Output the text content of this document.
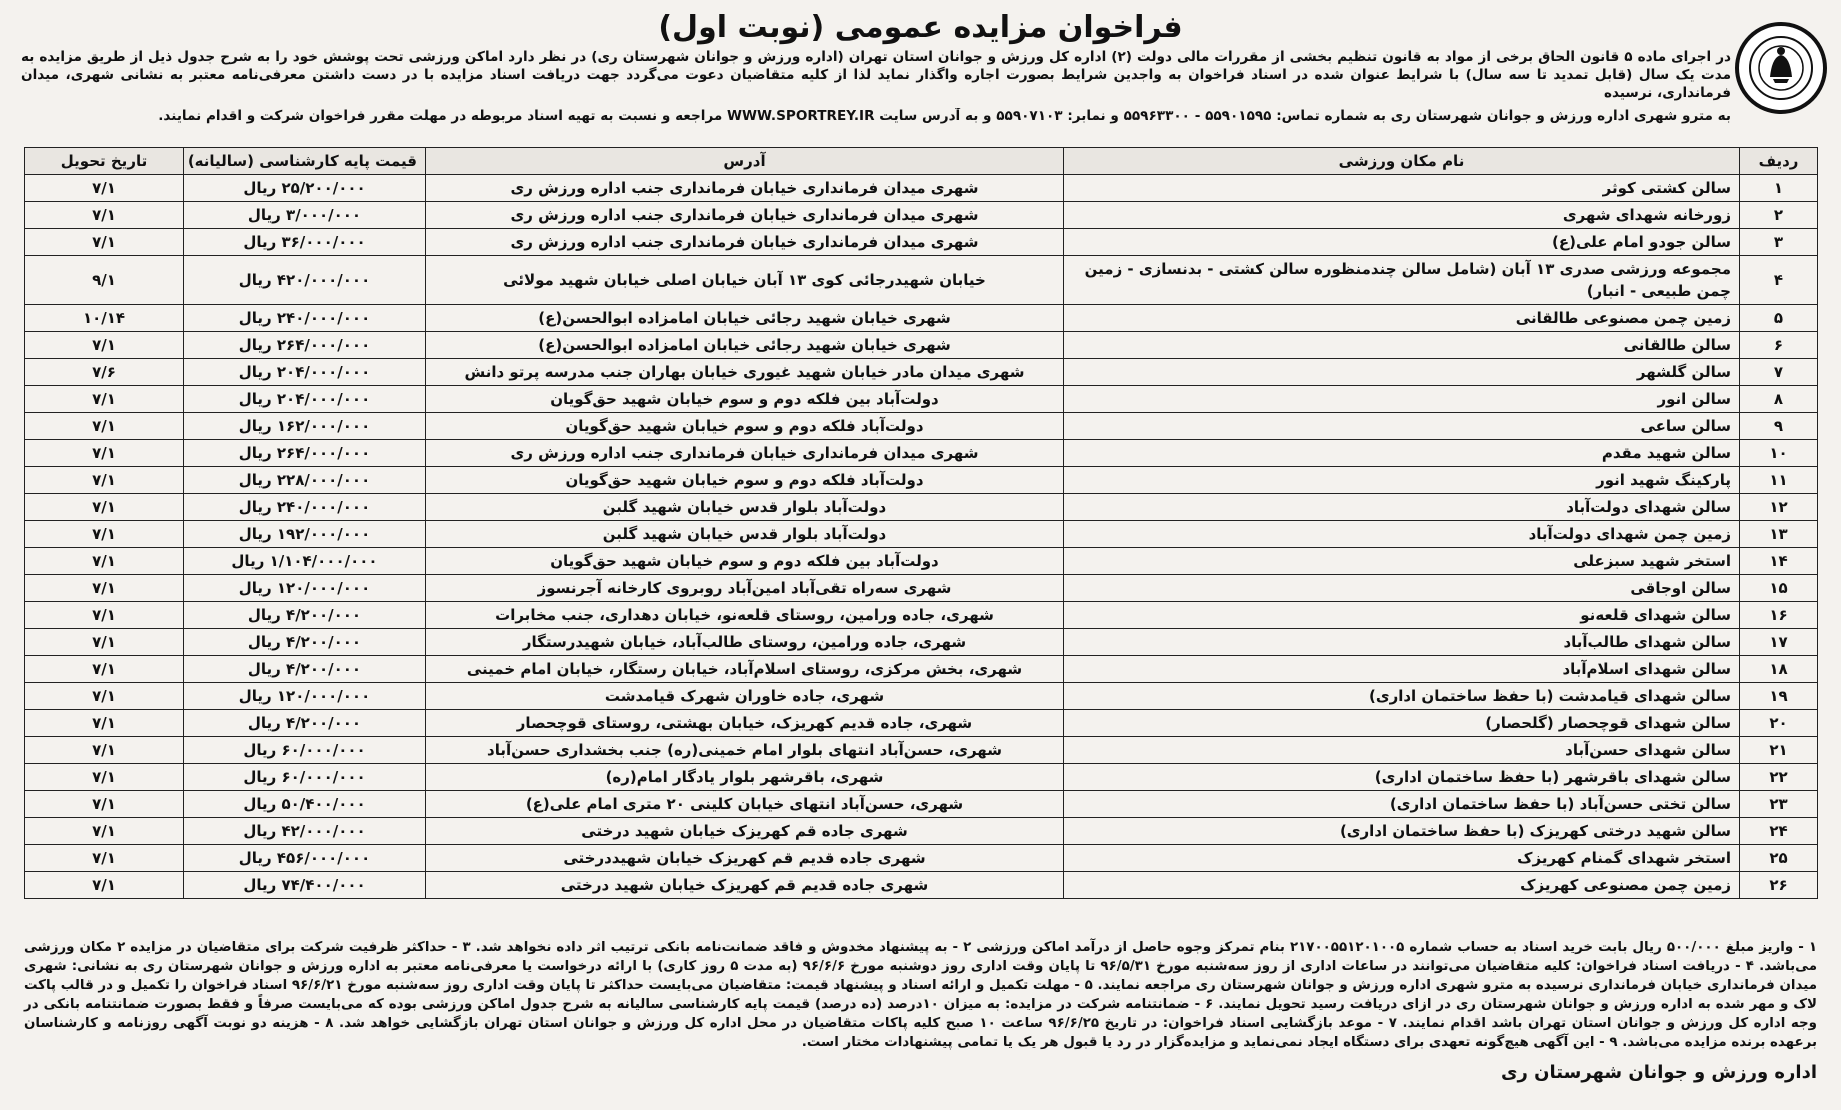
فراخوان مزایده عمومی (نوبت اول)

در اجرای ماده ۵ قانون الحاق برخی از مواد به قانون تنظیم بخشی از مقررات مالی دولت (۲) اداره کل ورزش و جوانان استان تهران (اداره ورزش و جوانان شهرستان ری) در نظر دارد اماکن ورزشی تحت پوشش خود را به شرح جدول ذیل از طریق مزایده به مدت یک سال (قابل تمدید تا سه سال) با شرایط عنوان شده در اسناد فراخوان به واجدین شرایط بصورت اجاره واگذار نماید لذا از کلیه متقاضیان دعوت می‌گردد جهت دریافت اسناد مزایده با در دست داشتن معرفی‌نامه معتبر به نشانی شهری، میدان فرمانداری، نرسیده

به مترو شهری اداره ورزش و جوانان شهرستان ری به شماره تماس: ۵۵۹۰۱۵۹۵ - ۵۵۹۶۳۳۰۰ و نمابر: ۵۵۹۰۷۱۰۳ و به آدرس سایت WWW.SPORTREY.IR مراجعه و نسبت به تهیه اسناد مربوطه در مهلت مقرر فراخوان شرکت و اقدام نمایند.
ردیف	نام مکان ورزشی	آدرس	قیمت پایه کارشناسی (سالیانه)	تاریخ تحویل
۱	سالن کشتی کوثر	شهری میدان فرمانداری خیابان فرمانداری جنب اداره ورزش ری	۲۵/۲۰۰/۰۰۰ ریال	۷/۱
۲	زورخانه شهدای شهری	شهری میدان فرمانداری خیابان فرمانداری جنب اداره ورزش ری	۳/۰۰۰/۰۰۰ ریال	۷/۱
۳	سالن جودو امام علی(ع)	شهری میدان فرمانداری خیابان فرمانداری جنب اداره ورزش ری	۳۶/۰۰۰/۰۰۰ ریال	۷/۱
۴	مجموعه ورزشی صدری ۱۳ آبان (شامل سالن چندمنظوره سالن کشتی - بدنسازی - زمین چمن طبیعی - انبار)	خیابان شهیدرجائی کوی ۱۳ آبان خیابان اصلی خیابان شهید مولائی	۴۲۰/۰۰۰/۰۰۰ ریال	۹/۱
۵	زمین چمن مصنوعی طالقانی	شهری خیابان شهید رجائی خیابان امامزاده ابوالحسن(ع)	۲۴۰/۰۰۰/۰۰۰ ریال	۱۰/۱۴
۶	سالن طالقانی	شهری خیابان شهید رجائی خیابان امامزاده ابوالحسن(ع)	۲۶۴/۰۰۰/۰۰۰ ریال	۷/۱
۷	سالن گلشهر	شهری میدان مادر خیابان شهید غیوری خیابان بهاران جنب مدرسه پرتو دانش	۲۰۴/۰۰۰/۰۰۰ ریال	۷/۶
۸	سالن انور	دولت‌آباد بین فلکه دوم و سوم خیابان شهید حق‌گویان	۲۰۴/۰۰۰/۰۰۰ ریال	۷/۱
۹	سالن ساعی	دولت‌آباد فلکه دوم و سوم خیابان شهید حق‌گویان	۱۶۲/۰۰۰/۰۰۰ ریال	۷/۱
۱۰	سالن شهید مقدم	شهری میدان فرمانداری خیابان فرمانداری جنب اداره ورزش ری	۲۶۴/۰۰۰/۰۰۰ ریال	۷/۱
۱۱	پارکینگ شهید انور	دولت‌آباد فلکه دوم و سوم خیابان شهید حق‌گویان	۲۲۸/۰۰۰/۰۰۰ ریال	۷/۱
۱۲	سالن شهدای دولت‌آباد	دولت‌آباد بلوار قدس خیابان شهید گلبن	۲۴۰/۰۰۰/۰۰۰ ریال	۷/۱
۱۳	زمین چمن شهدای دولت‌آباد	دولت‌آباد بلوار قدس خیابان شهید گلبن	۱۹۲/۰۰۰/۰۰۰ ریال	۷/۱
۱۴	استخر شهید سبزعلی	دولت‌آباد بین فلکه دوم و سوم خیابان شهید حق‌گویان	۱/۱۰۴/۰۰۰/۰۰۰ ریال	۷/۱
۱۵	سالن اوجاقی	شهری سه‌راه تقی‌آباد امین‌آباد روبروی کارخانه آجرنسوز	۱۲۰/۰۰۰/۰۰۰ ریال	۷/۱
۱۶	سالن شهدای قلعه‌نو	شهری، جاده ورامین، روستای قلعه‌نو، خیابان دهداری، جنب مخابرات	۴/۲۰۰/۰۰۰ ریال	۷/۱
۱۷	سالن شهدای طالب‌آباد	شهری، جاده ورامین، روستای طالب‌آباد، خیابان شهیدرستگار	۴/۲۰۰/۰۰۰ ریال	۷/۱
۱۸	سالن شهدای اسلام‌آباد	شهری، بخش مرکزی، روستای اسلام‌آباد، خیابان رستگار، خیابان امام خمینی	۴/۲۰۰/۰۰۰ ریال	۷/۱
۱۹	سالن شهدای قیامدشت (با حفظ ساختمان اداری)	شهری، جاده خاوران شهرک قیامدشت	۱۲۰/۰۰۰/۰۰۰ ریال	۷/۱
۲۰	سالن شهدای قوچحصار (گلحصار)	شهری، جاده قدیم کهریزک، خیابان بهشتی، روستای قوچحصار	۴/۲۰۰/۰۰۰ ریال	۷/۱
۲۱	سالن شهدای حسن‌آباد	شهری، حسن‌آباد انتهای بلوار امام خمینی(ره) جنب بخشداری حسن‌آباد	۶۰/۰۰۰/۰۰۰ ریال	۷/۱
۲۲	سالن شهدای باقرشهر (با حفظ ساختمان اداری)	شهری، باقرشهر بلوار یادگار امام(ره)	۶۰/۰۰۰/۰۰۰ ریال	۷/۱
۲۳	سالن تختی حسن‌آباد (با حفظ ساختمان اداری)	شهری، حسن‌آباد انتهای خیابان کلینی ۲۰ متری امام علی(ع)	۵۰/۴۰۰/۰۰۰ ریال	۷/۱
۲۴	سالن شهید درختی کهریزک (با حفظ ساختمان اداری)	شهری جاده قم کهریزک خیابان شهید درختی	۴۲/۰۰۰/۰۰۰ ریال	۷/۱
۲۵	استخر شهدای گمنام کهریزک	شهری جاده قدیم قم کهریزک خیابان شهیددرختی	۴۵۶/۰۰۰/۰۰۰ ریال	۷/۱
۲۶	زمین چمن مصنوعی کهریزک	شهری جاده قدیم قم کهریزک خیابان شهید درختی	۷۴/۴۰۰/۰۰۰ ریال	۷/۱

۱ - واریز مبلغ ۵۰۰/۰۰۰ ریال بابت خرید اسناد به حساب شماره ۲۱۷۰۰۵۵۱۲۰۱۰۰۵ بنام تمرکز وجوه حاصل از درآمد اماکن ورزشی ۲ - به پیشنهاد مخدوش و فاقد ضمانت‌نامه بانکی ترتیب اثر داده نخواهد شد. ۳ - حداکثر ظرفیت شرکت برای متقاضیان در مزایده ۲ مکان ورزشی می‌باشد. ۴ - دریافت اسناد فراخوان: کلیه متقاضیان می‌توانند در ساعات اداری از روز سه‌شنبه مورخ ۹۶/۵/۳۱ تا پایان وقت اداری روز دوشنبه مورخ ۹۶/۶/۶ (به مدت ۵ روز کاری) با ارائه درخواست یا معرفی‌نامه معتبر به اداره ورزش و جوانان شهرستان ری به نشانی: شهری میدان فرمانداری خیابان فرمانداری نرسیده به مترو شهری اداره ورزش و جوانان شهرستان ری مراجعه نمایند. ۵ - مهلت تکمیل و ارائه اسناد و پیشنهاد قیمت: متقاضیان می‌بایست حداکثر تا پایان وقت اداری روز سه‌شنبه مورخ ۹۶/۶/۲۱ اسناد فراخوان را تکمیل و در قالب پاکت لاک و مهر شده به اداره ورزش و جوانان شهرستان ری در ازای دریافت رسید تحویل نمایند. ۶ - ضمانتنامه شرکت در مزایده: به میزان ۱۰درصد (ده درصد) قیمت پایه کارشناسی سالیانه به شرح جدول اماکن ورزشی بوده که می‌بایست صرفاً و فقط بصورت ضمانتنامه بانکی در وجه اداره کل ورزش و جوانان استان تهران باشد اقدام نمایند. ۷ - موعد بازگشایی اسناد فراخوان: در تاریخ ۹۶/۶/۲۵ ساعت ۱۰ صبح کلیه پاکات متقاضیان در محل اداره کل ورزش و جوانان استان تهران بازگشایی خواهد شد. ۸ - هزینه دو نوبت آگهی روزنامه و کارشناسان برعهده برنده مزایده می‌باشد. ۹ - این آگهی هیچ‌گونه تعهدی برای دستگاه ایجاد نمی‌نماید و مزایده‌گزار در رد یا قبول هر یک یا تمامی پیشنهادات مختار است.

اداره ورزش و جوانان شهرستان ری
